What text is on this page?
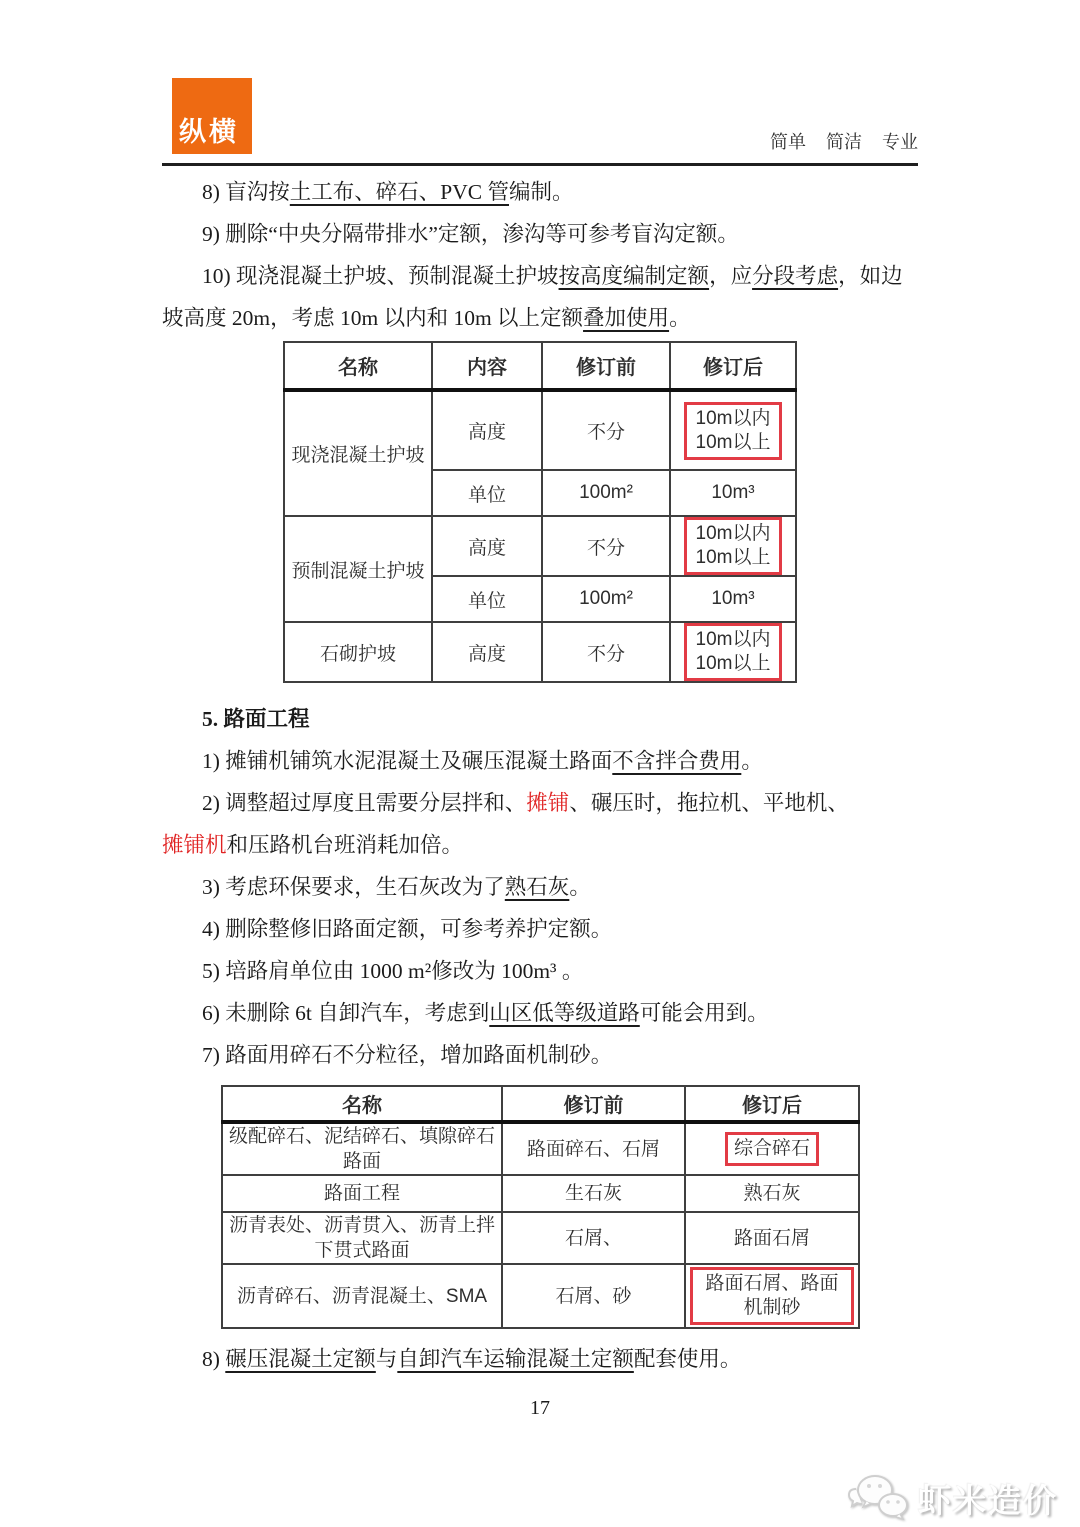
纵横	简单 简洁 专业

8) 盲沟按土工布、碎石、PVC 管编制。

9) 删除“中央分隔带排水”定额，渗沟等可参考盲沟定额。

10) 现浇混凝土护坡、预制混凝土护坡按高度编制定额，应分段考虑，如边

坡高度 20m，考虑 10m 以内和 10m 以上定额叠加使用。

名称	内容	修订前	修订后
现浇混凝土护坡	高度	不分	10m以内
10m以上
	单位	100m²	10m³
预制混凝土护坡	高度	不分	10m以内
10m以上
	单位	100m²	10m³
石砌护坡	高度	不分	10m以内
10m以上

5. 路面工程

1) 摊铺机铺筑水泥混凝土及碾压混凝土路面不含拌合费用。

2) 调整超过厚度且需要分层拌和、摊铺、碾压时，拖拉机、平地机、

摊铺机和压路机台班消耗加倍。

3) 考虑环保要求，生石灰改为了熟石灰。

4) 删除整修旧路面定额，可参考养护定额。

5) 培路肩单位由 1000 m²修改为 100m³ 。

6) 未删除 6t 自卸汽车，考虑到山区低等级道路可能会用到。

7) 路面用碎石不分粒径，增加路面机制砂。

名称	修订前	修订后
级配碎石、泥结碎石、填隙碎石路面	路面碎石、石屑	综合碎石
路面工程	生石灰	熟石灰
沥青表处、沥青贯入、沥青上拌下贯式路面	石屑、	路面石屑
沥青碎石、沥青混凝土、SMA	石屑、砂	路面石屑、路面机制砂

8) 碾压混凝土定额与自卸汽车运输混凝土定额配套使用。

17
虾米造价
